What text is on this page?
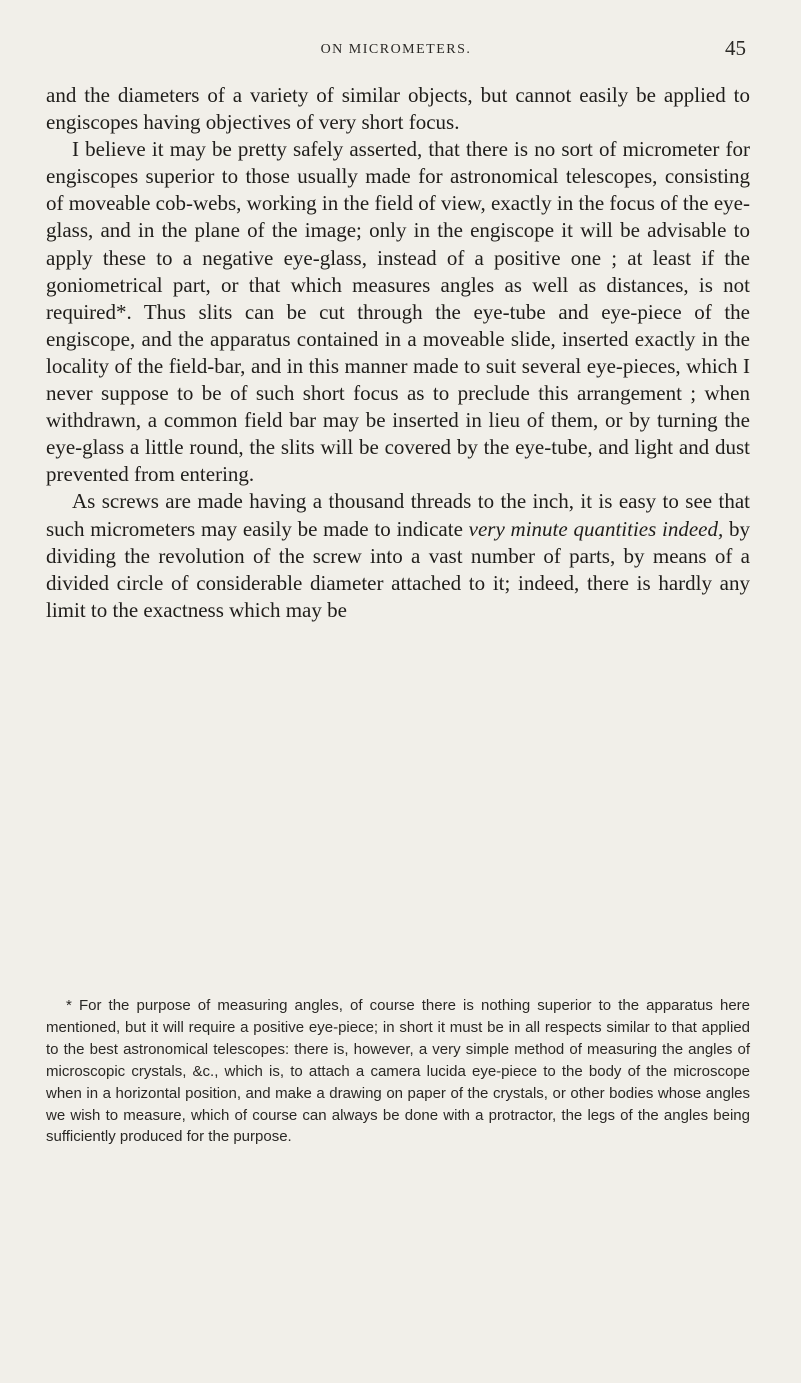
ON MICROMETERS.	45

and the diameters of a variety of similar objects, but cannot easily be applied to engiscopes having objectives of very short focus.

I believe it may be pretty safely asserted, that there is no sort of micrometer for engiscopes superior to those usually made for astronomical telescopes, consisting of moveable cob-webs, working in the field of view, exactly in the focus of the eye-glass, and in the plane of the image; only in the engiscope it will be advisable to apply these to a negative eye-glass, instead of a positive one ; at least if the goniometrical part, or that which measures angles as well as distances, is not required*. Thus slits can be cut through the eye-tube and eye-piece of the engiscope, and the apparatus contained in a moveable slide, inserted exactly in the locality of the field-bar, and in this manner made to suit several eye-pieces, which I never suppose to be of such short focus as to preclude this arrangement ; when withdrawn, a common field bar may be inserted in lieu of them, or by turning the eye-glass a little round, the slits will be covered by the eye-tube, and light and dust prevented from entering.

As screws are made having a thousand threads to the inch, it is easy to see that such micrometers may easily be made to indicate very minute quantities indeed, by dividing the revolution of the screw into a vast number of parts, by means of a divided circle of considerable diameter attached to it; indeed, there is hardly any limit to the exactness which may be

* For the purpose of measuring angles, of course there is nothing superior to the apparatus here mentioned, but it will require a positive eye-piece; in short it must be in all respects similar to that applied to the best astronomical telescopes: there is, however, a very simple method of measuring the angles of microscopic crystals, &c., which is, to attach a camera lucida eye-piece to the body of the microscope when in a horizontal position, and make a drawing on paper of the crystals, or other bodies whose angles we wish to measure, which of course can always be done with a protractor, the legs of the angles being sufficiently produced for the purpose.
